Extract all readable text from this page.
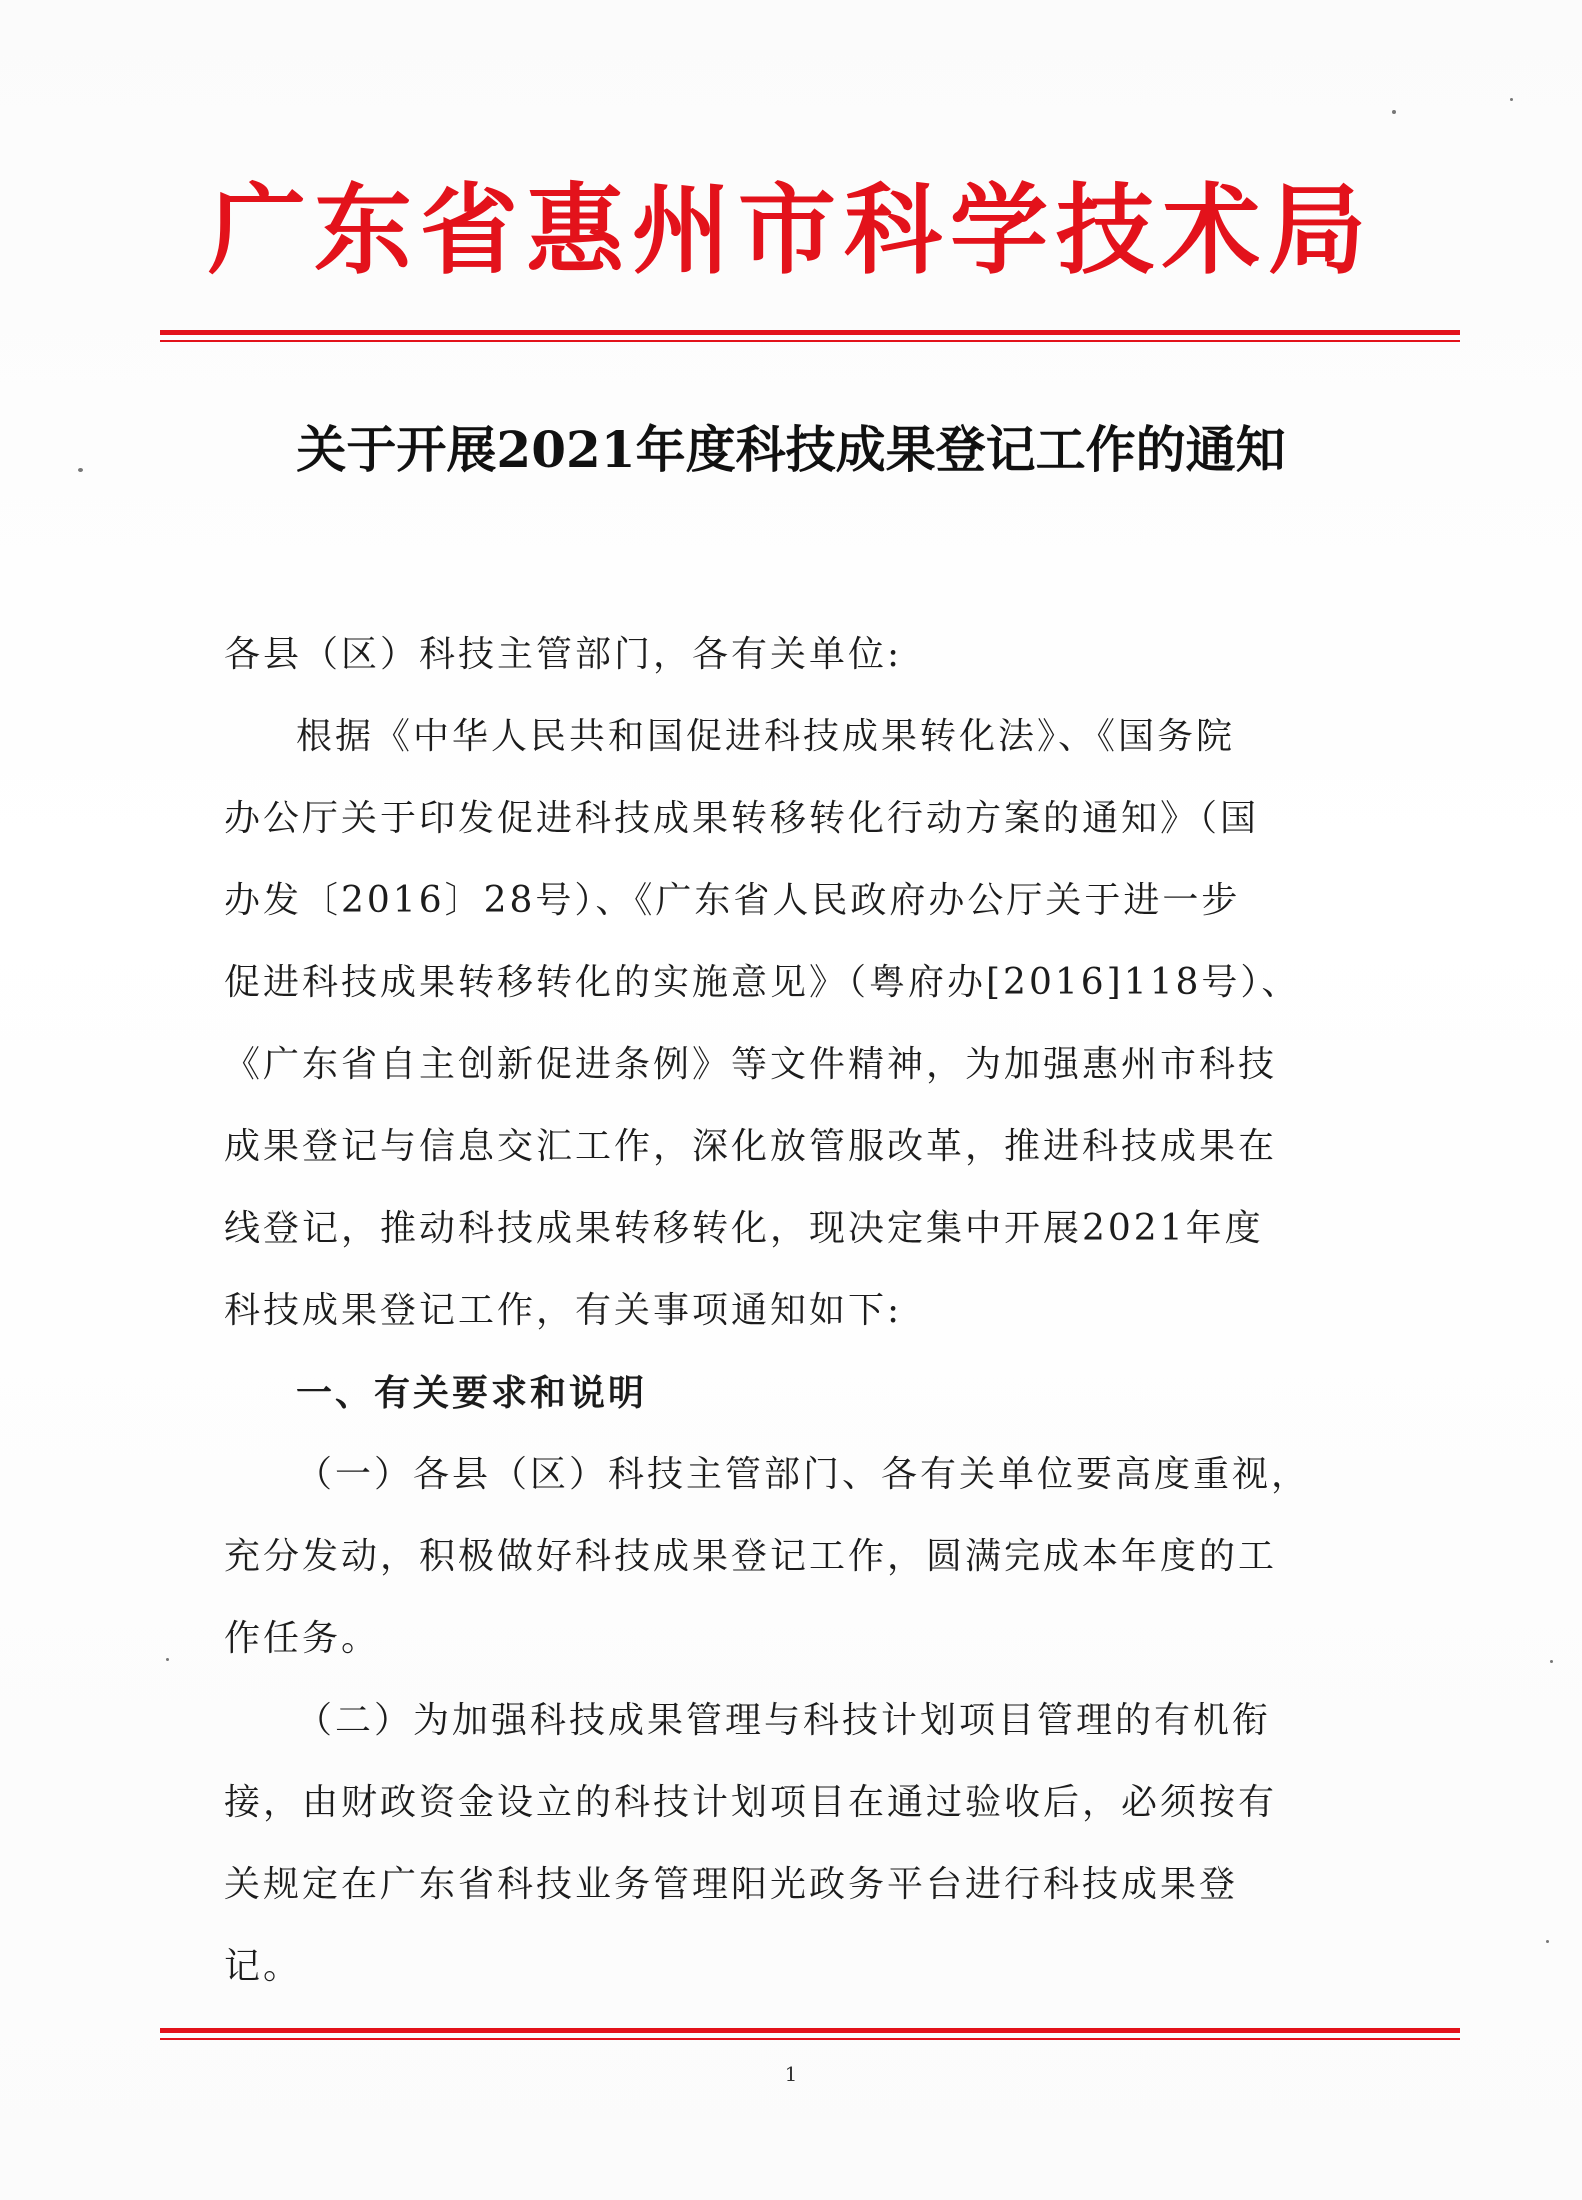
广东省惠州市科学技术局
关于开展2021年度科技成果登记工作的通知
各县（区）科技主管部门，各有关单位:
根据《中华人民共和国促进科技成果转化法》、《国务院
办公厅关于印发促进科技成果转移转化行动方案的通知》（国
办发〔2016〕28号）、《广东省人民政府办公厅关于进一步
促进科技成果转移转化的实施意见》（粤府办[2016]118号）、
《广东省自主创新促进条例》等文件精神，为加强惠州市科技
成果登记与信息交汇工作，深化放管服改革，推进科技成果在
线登记，推动科技成果转移转化，现决定集中开展2021年度
科技成果登记工作，有关事项通知如下:
一、有关要求和说明
（一）各县（区）科技主管部门、各有关单位要高度重视，
充分发动，积极做好科技成果登记工作，圆满完成本年度的工
作任务。
（二）为加强科技成果管理与科技计划项目管理的有机衔
接，由财政资金设立的科技计划项目在通过验收后，必须按有
关规定在广东省科技业务管理阳光政务平台进行科技成果登
记。
1
